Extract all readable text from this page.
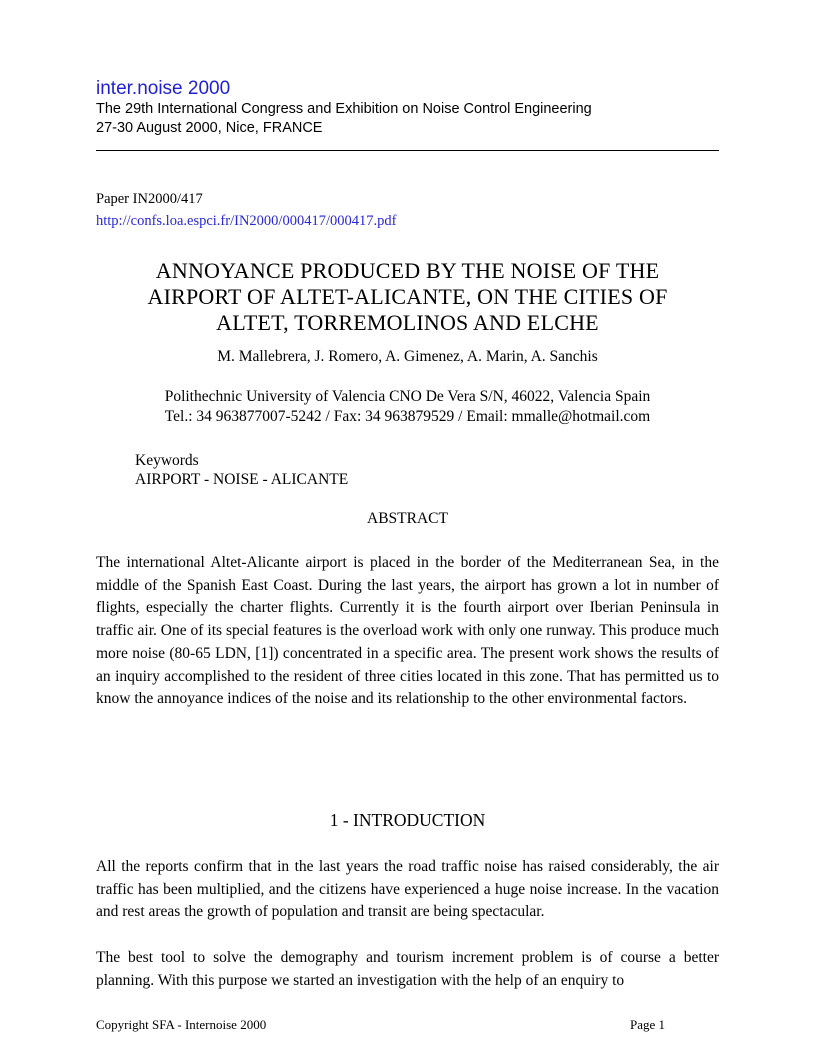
inter.noise 2000
The 29th International Congress and Exhibition on Noise Control Engineering
27-30 August 2000, Nice, FRANCE
Paper IN2000/417
http://confs.loa.espci.fr/IN2000/000417/000417.pdf
ANNOYANCE PRODUCED BY THE NOISE OF THE
AIRPORT OF ALTET-ALICANTE, ON THE CITIES OF
ALTET, TORREMOLINOS AND ELCHE
M. Mallebrera, J. Romero, A. Gimenez, A. Marin, A. Sanchis
Polithechnic University of Valencia CNO De Vera S/N, 46022, Valencia Spain
Tel.: 34 963877007-5242 / Fax: 34 963879529 / Email: mmalle@hotmail.com
Keywords
AIRPORT - NOISE - ALICANTE
ABSTRACT
The international Altet-Alicante airport is placed in the border of the Mediterranean Sea, in the middle of the Spanish East Coast. During the last years, the airport has grown a lot in number of flights, especially the charter flights. Currently it is the fourth airport over Iberian Peninsula in traffic air. One of its special features is the overload work with only one runway. This produce much more noise (80-65 LDN, [1]) concentrated in a specific area. The present work shows the results of an inquiry accomplished to the resident of three cities located in this zone. That has permitted us to know the annoyance indices of the noise and its relationship to the other environmental factors.
1 - INTRODUCTION
All the reports confirm that in the last years the road traffic noise has raised considerably, the air traffic has been multiplied, and the citizens have experienced a huge noise increase. In the vacation and rest areas the growth of population and transit are being spectacular.
The best tool to solve the demography and tourism increment problem is of course a better planning. With this purpose we started an investigation with the help of an enquiry to
Copyright SFA - Internoise 2000	Page 1
